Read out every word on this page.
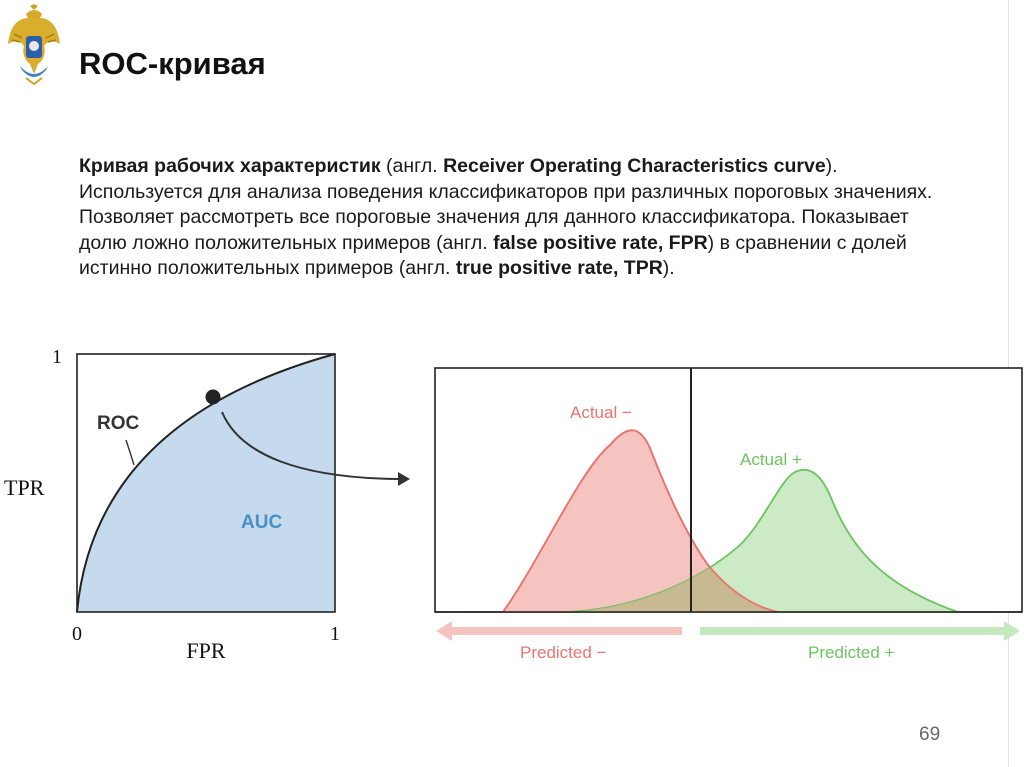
ROC-кривая
Кривая рабочих характеристик (англ. Receiver Operating Characteristics curve). Используется для анализа поведения классификаторов при различных пороговых значениях. Позволяет рассмотреть все пороговые значения для данного классификатора. Показывает долю ложно положительных примеров (англ. false positive rate, FPR) в сравнении с долей истинно положительных примеров (англ. true positive rate, TPR).
1
TPR
0	1
FPR
ROC
AUC
Actual −
Actual +
Predicted −	Predicted +
69
